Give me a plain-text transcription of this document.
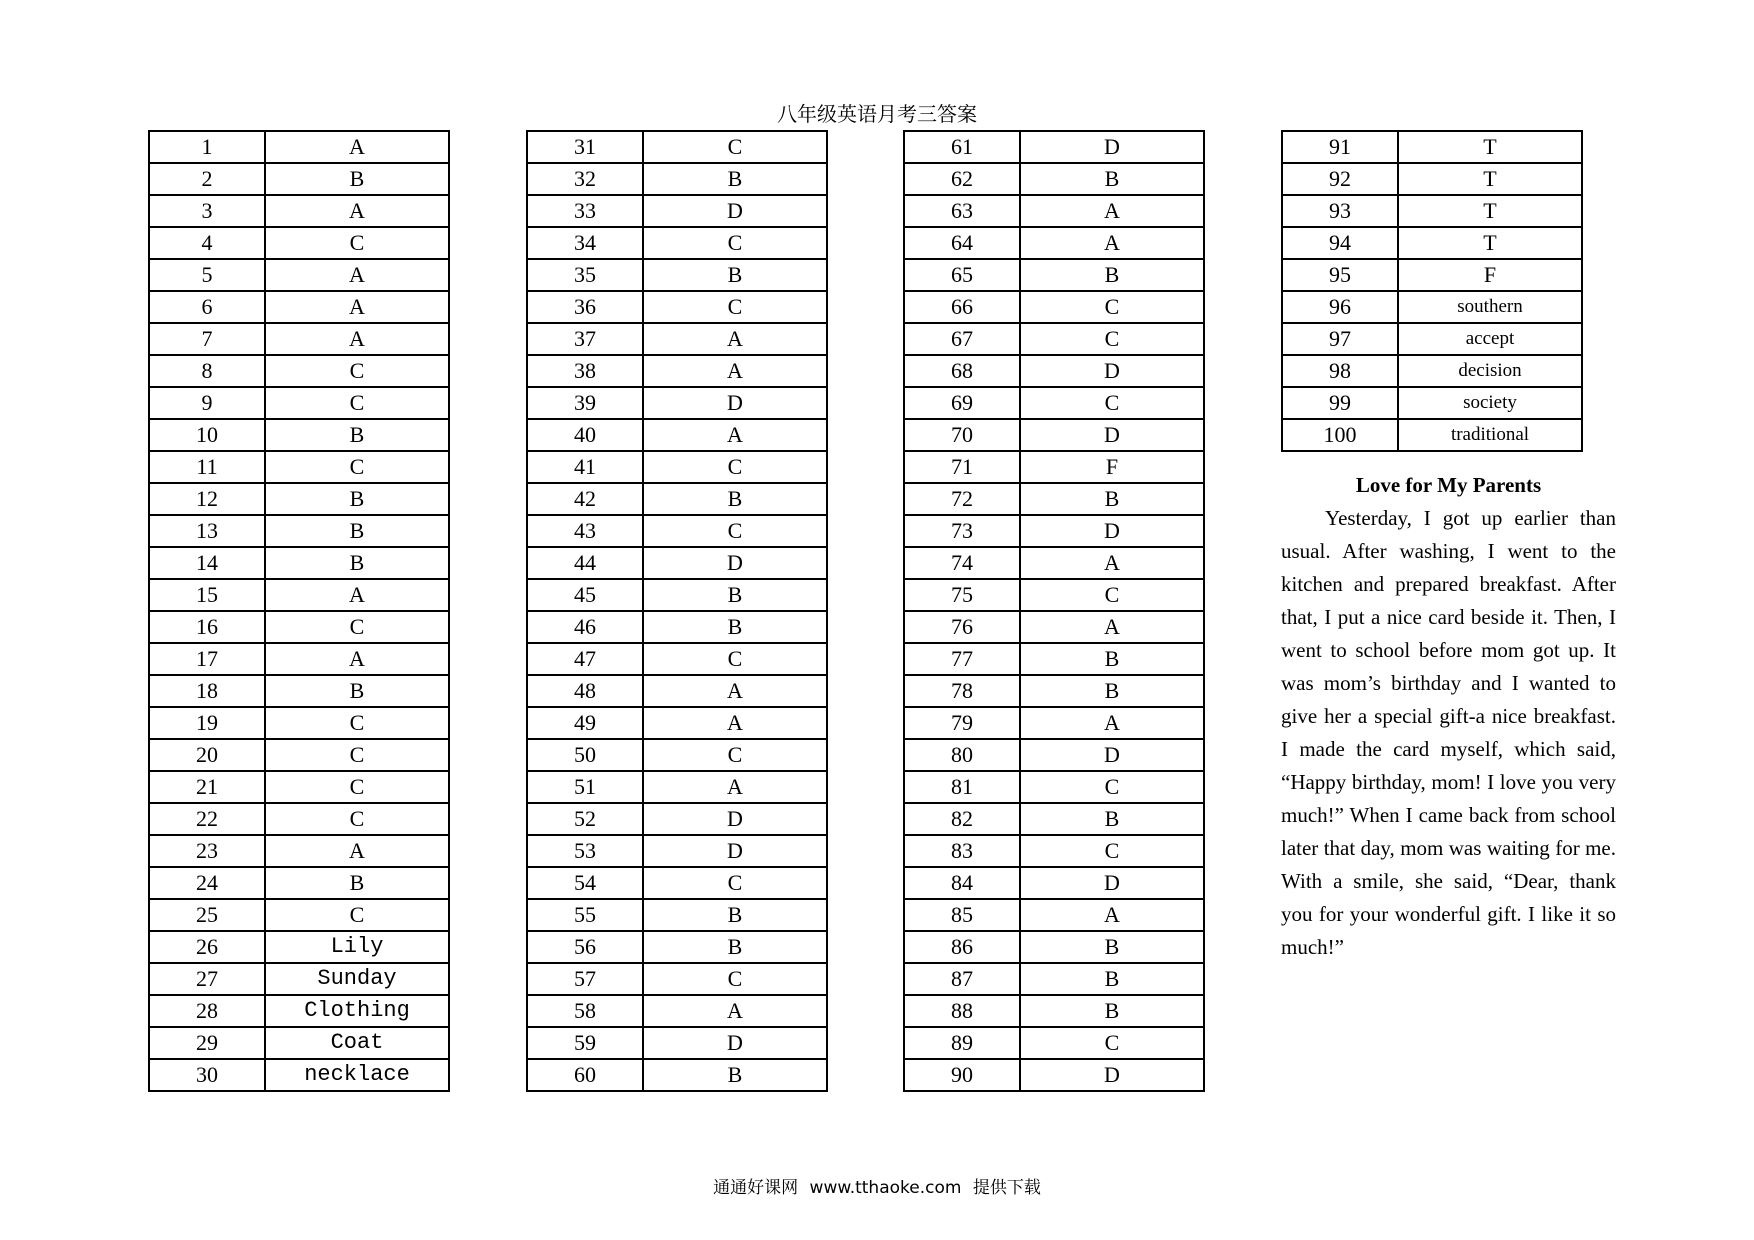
八年级英语月考三答案
1	A
2	B
3	A
4	C
5	A
6	A
7	A
8	C
9	C
10	B
11	C
12	B
13	B
14	B
15	A
16	C
17	A
18	B
19	C
20	C
21	C
22	C
23	A
24	B
25	C
26	Lily
27	Sunday
28	Clothing
29	Coat
30	necklace
31	C
32	B
33	D
34	C
35	B
36	C
37	A
38	A
39	D
40	A
41	C
42	B
43	C
44	D
45	B
46	B
47	C
48	A
49	A
50	C
51	A
52	D
53	D
54	C
55	B
56	B
57	C
58	A
59	D
60	B
61	D
62	B
63	A
64	A
65	B
66	C
67	C
68	D
69	C
70	D
71	F
72	B
73	D
74	A
75	C
76	A
77	B
78	B
79	A
80	D
81	C
82	B
83	C
84	D
85	A
86	B
87	B
88	B
89	C
90	D
91	T
92	T
93	T
94	T
95	F
96	southern
97	accept
98	decision
99	society
100	traditional
Love for My Parents

Yesterday, I got up earlier than usual. After washing, I went to the kitchen and prepared breakfast. After that, I put a nice card beside it. Then, I went to school before mom got up. It was mom’s birthday and I wanted to give her a special gift-a nice breakfast. I made the card myself, which said, “Happy birthday, mom! I love you very much!” When I came back from school later that day, mom was waiting for me. With a smile, she said, “Dear, thank you for your wonderful gift. I like it so much!”

通通好课网 www.tthaoke.com 提供下载
